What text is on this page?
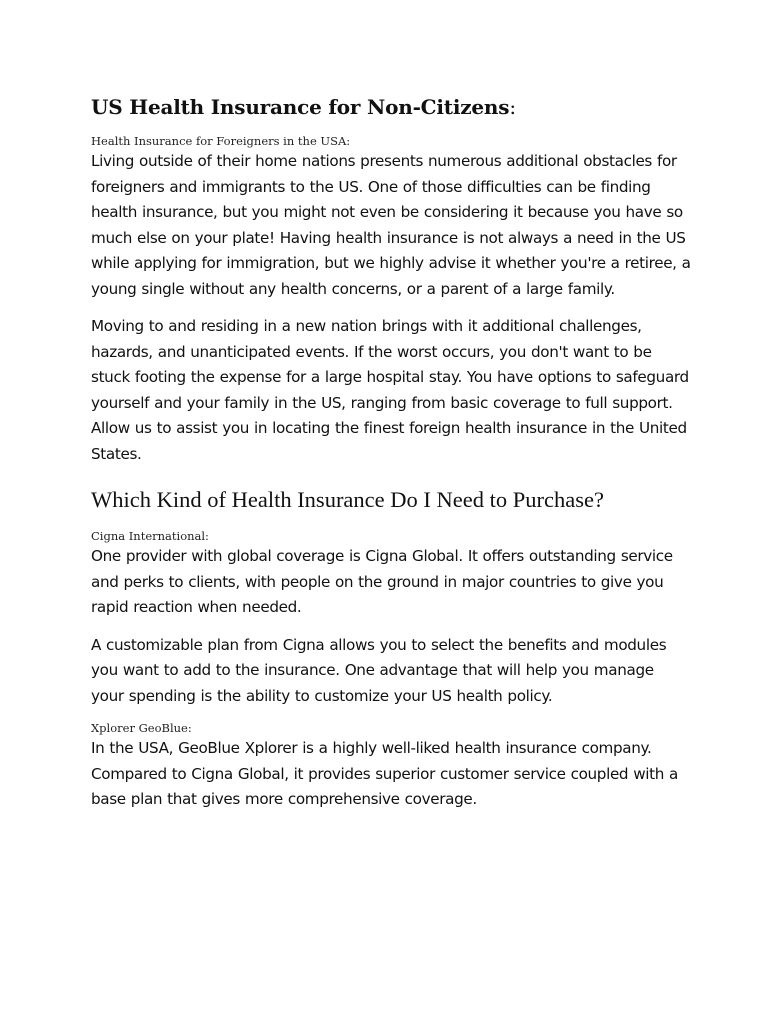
US Health Insurance for Non-Citizens:

Health Insurance for Foreigners in the USA:

Living outside of their home nations presents numerous additional obstacles for foreigners and immigrants to the US. One of those difficulties can be finding health insurance, but you might not even be considering it because you have so much else on your plate! Having health insurance is not always a need in the US while applying for immigration, but we highly advise it whether you're a retiree, a young single without any health concerns, or a parent of a large family.

Moving to and residing in a new nation brings with it additional challenges, hazards, and unanticipated events. If the worst occurs, you don't want to be stuck footing the expense for a large hospital stay. You have options to safeguard yourself and your family in the US, ranging from basic coverage to full support. Allow us to assist you in locating the finest foreign health insurance in the United States.

Which Kind of Health Insurance Do I Need to Purchase?

Cigna International:

One provider with global coverage is Cigna Global. It offers outstanding service and perks to clients, with people on the ground in major countries to give you rapid reaction when needed.

A customizable plan from Cigna allows you to select the benefits and modules you want to add to the insurance. One advantage that will help you manage your spending is the ability to customize your US health policy.

Xplorer GeoBlue:

In the USA, GeoBlue Xplorer is a highly well-liked health insurance company. Compared to Cigna Global, it provides superior customer service coupled with a base plan that gives more comprehensive coverage.
